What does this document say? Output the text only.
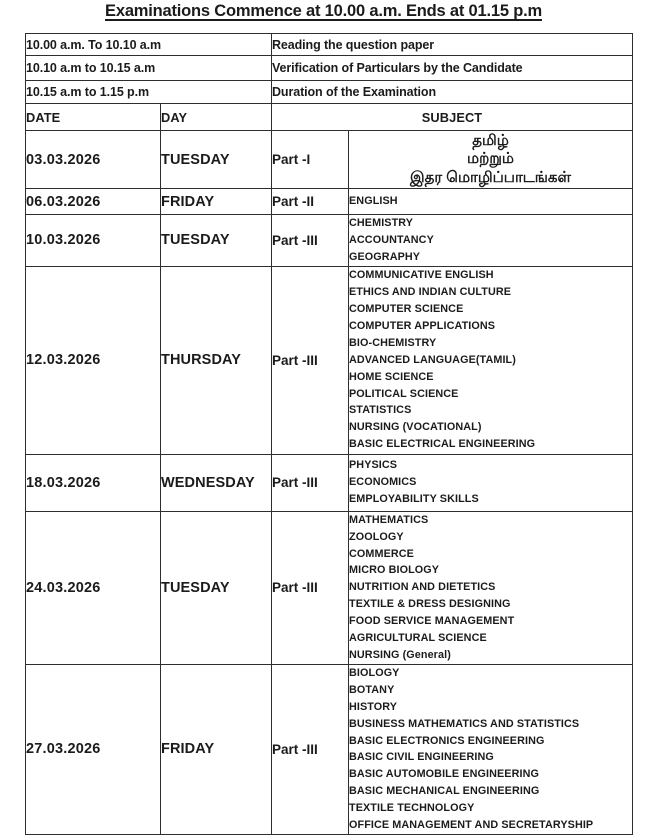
Examinations Commence at 10.00 a.m. Ends at 01.15 p.m
10.00 a.m. To 10.10 a.m		Reading the question paper	
10.10 a.m to 10.15 a.m		Verification of Particulars by the Candidate	
10.15 a.m to 1.15 p.m		Duration of the Examination	
DATE	DAY	SUBJECT	
03.03.2026	TUESDAY	Part -I	தமிழ்
மற்றும்
இதர மொழிப்பாடங்கள்

06.03.2026	FRIDAY	Part -II	ENGLISH

10.03.2026	TUESDAY	Part -III	CHEMISTRY
ACCOUNTANCY
GEOGRAPHY

12.03.2026	THURSDAY	Part -III	
COMMUNICATIVE ENGLISH
ETHICS AND INDIAN CULTURE
COMPUTER SCIENCE
COMPUTER APPLICATIONS
BIO-CHEMISTRY
ADVANCED LANGUAGE(TAMIL)
HOME SCIENCE
POLITICAL SCIENCE
STATISTICS
NURSING (VOCATIONAL)
BASIC ELECTRICAL ENGINEERING

18.03.2026	WEDNESDAY	Part -III	PHYSICS
ECONOMICS
EMPLOYABILITY SKILLS

24.03.2026	TUESDAY	Part -III	
MATHEMATICS
ZOOLOGY
COMMERCE
MICRO BIOLOGY
NUTRITION AND DIETETICS
TEXTILE & DRESS DESIGNING
FOOD SERVICE MANAGEMENT
AGRICULTURAL SCIENCE
NURSING (General)

27.03.2026	FRIDAY	Part -III	
BIOLOGY
BOTANY
HISTORY
BUSINESS MATHEMATICS AND STATISTICS
BASIC ELECTRONICS ENGINEERING
BASIC CIVIL ENGINEERING
BASIC AUTOMOBILE ENGINEERING
BASIC MECHANICAL ENGINEERING
TEXTILE TECHNOLOGY
OFFICE MANAGEMENT AND SECRETARYSHIP
